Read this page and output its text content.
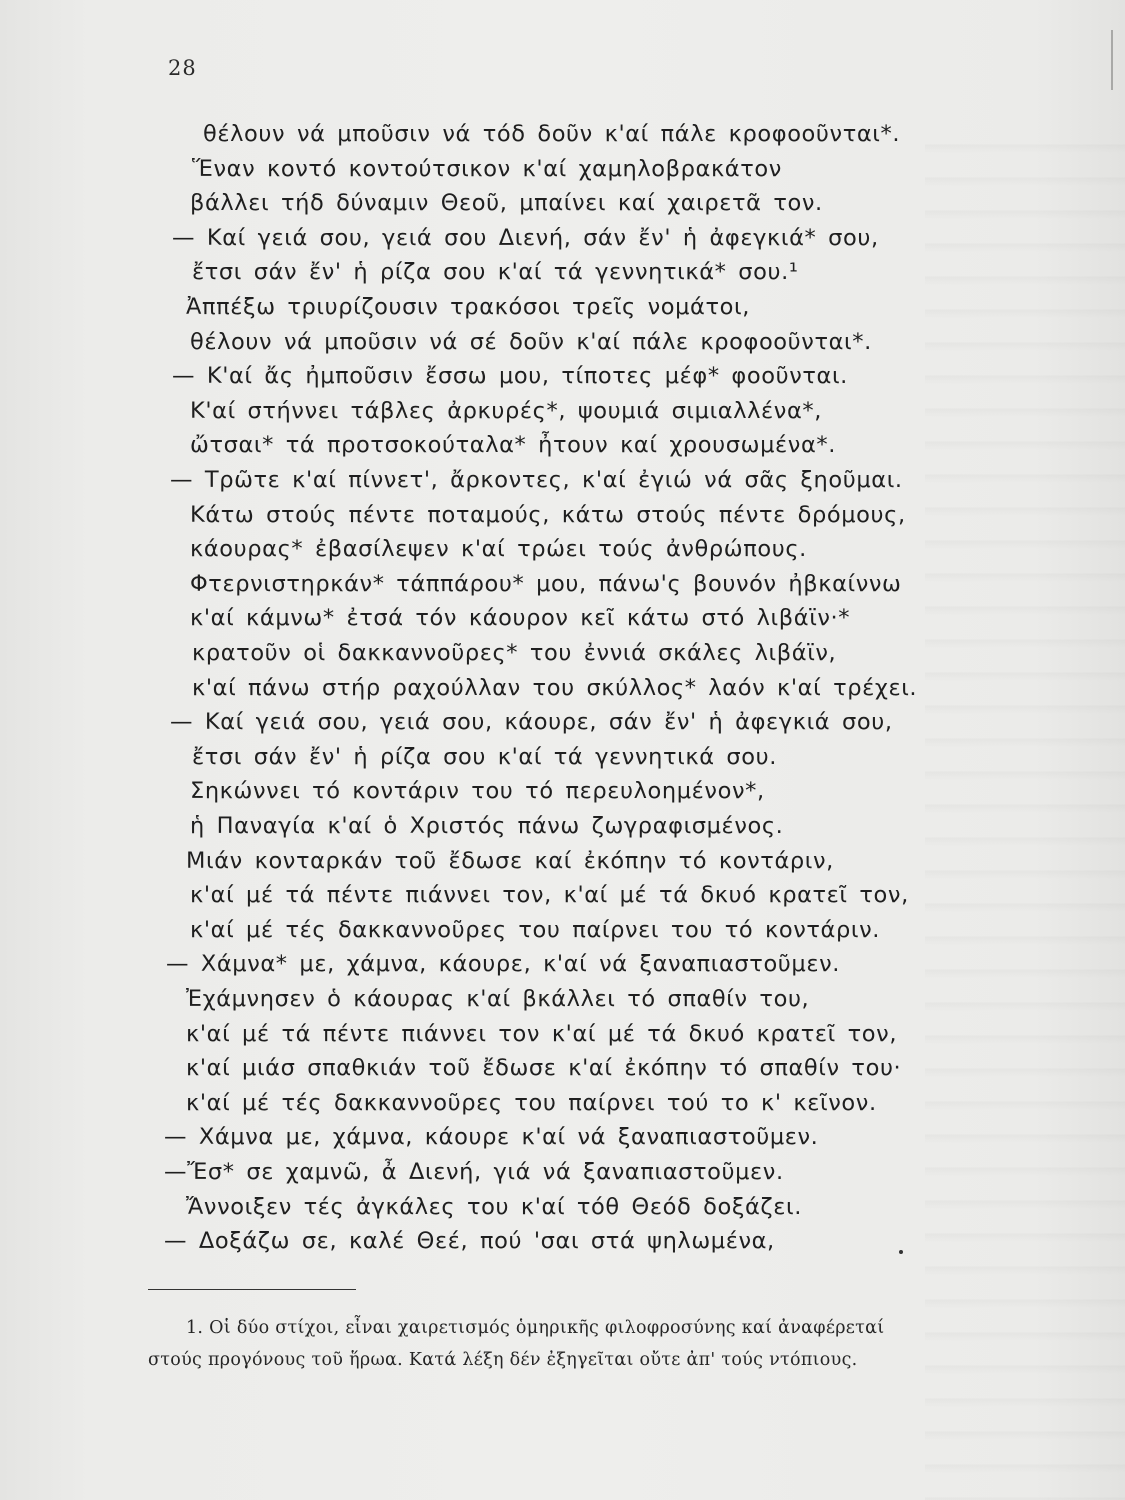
28
θέλουν νά μποῦσιν νά τόδ δοῦν κ'αί πάλε κροφοοῦνται*.
Ἕναν κοντό κοντούτσικον κ'αί χαμηλοβρακάτον
βάλλει τήδ δύναμιν Θεοῦ, μπαίνει καί χαιρετᾶ τον.
— Καί γειά σου, γειά σου Διενή, σάν ἔν' ἡ ἀφεγκιά* σου,
ἔτσι σάν ἔν' ἡ ρίζα σου κ'αί τά γεννητικά* σου.¹
Ἀππέξω τριυρίζουσιν τρακόσοι τρεῖς νομάτοι,
θέλουν νά μποῦσιν νά σέ δοῦν κ'αί πάλε κροφοοῦνται*.
— Κ'αί ἄς ἠμποῦσιν ἔσσω μου, τίποτες μέφ* φοοῦνται.
Κ'αί στήννει τάβλες ἀρκυρές*, ψουμιά σιμιαλλένα*,
ὤτσαι* τά προτσοκούταλα* ἦτουν καί χρουσωμένα*.
— Τρῶτε κ'αί πίννετ', ἄρκοντες, κ'αί ἐγιώ νά σᾶς ξηοῦμαι.
Κάτω στούς πέντε ποταμούς, κάτω στούς πέντε δρόμους,
κάουρας* ἐβασίλεψεν κ'αί τρώει τούς ἀνθρώπους.
Φτερνιστηρκάν* τάππάρου* μου, πάνω'ς βουνόν ἠβκαίννω
κ'αί κάμνω* ἐτσά τόν κάουρον κεῖ κάτω στό λιβάϊν·*
κρατοῦν οἱ δακκαννοῦρες* του ἐννιά σκάλες λιβάϊν,
κ'αί πάνω στήρ ραχούλλαν του σκύλλος* λαόν κ'αί τρέχει.
— Καί γειά σου, γειά σου, κάουρε, σάν ἔν' ἡ ἀφεγκιά σου,
ἔτσι σάν ἔν' ἡ ρίζα σου κ'αί τά γεννητικά σου.
Σηκώννει τό κοντάριν του τό περευλοημένον*,
ἡ Παναγία κ'αί ὁ Χριστός πάνω ζωγραφισμένος.
Μιάν κονταρκάν τοῦ ἔδωσε καί ἐκόπην τό κοντάριν,
κ'αί μέ τά πέντε πιάννει τον, κ'αί μέ τά δκυό κρατεῖ τον,
κ'αί μέ τές δακκαννοῦρες του παίρνει του τό κοντάριν.
— Χάμνα* με, χάμνα, κάουρε, κ'αί νά ξαναπιαστοῦμεν.
Ἐχάμνησεν ὁ κάουρας κ'αί βκάλλει τό σπαθίν του,
κ'αί μέ τά πέντε πιάννει τον κ'αί μέ τά δκυό κρατεῖ τον,
κ'αί μιάσ σπαθκιάν τοῦ ἔδωσε κ'αί ἐκόπην τό σπαθίν του·
κ'αί μέ τές δακκαννοῦρες του παίρνει τού το κ' κεῖνον.
— Χάμνα με, χάμνα, κάουρε κ'αί νά ξαναπιαστοῦμεν.
—Ἔσ* σε χαμνῶ, ἆ Διενή, γιά νά ξαναπιαστοῦμεν.
Ἄννοιξεν τές ἀγκάλες του κ'αί τόθ Θεόδ δοξάζει.
— Δοξάζω σε, καλέ Θεέ, πού 'σαι στά ψηλωμένα,
1. Οἱ δύο στίχοι, εἶναι χαιρετισμός ὁμηρικῆς φιλοφροσύνης καί ἀναφέρεταί
στούς προγόνους τοῦ ἥρωα. Κατά λέξη δέν ἐξηγεῖται οὔτε ἀπ' τούς ντόπιους.
